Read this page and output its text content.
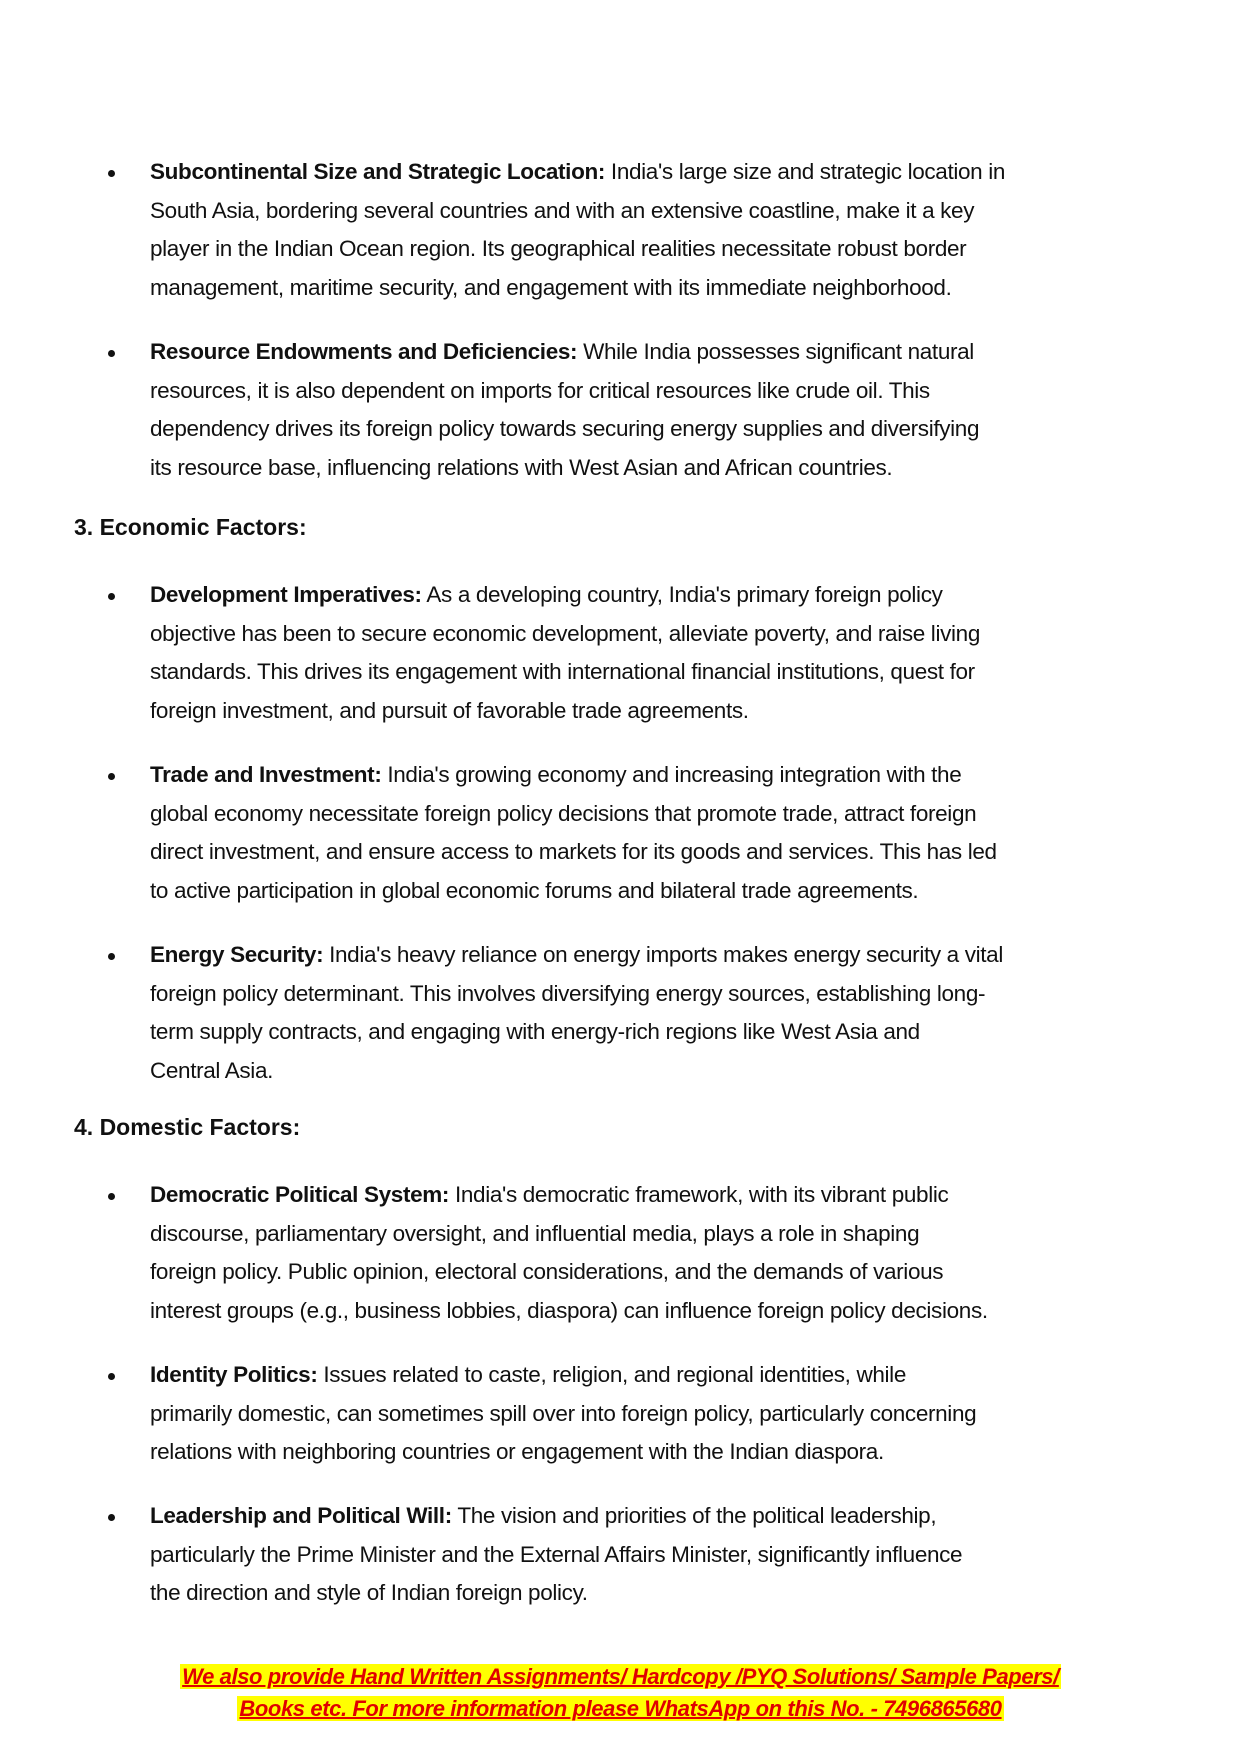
Subcontinental Size and Strategic Location: India's large size and strategic location in
South Asia, bordering several countries and with an extensive coastline, make it a key
player in the Indian Ocean region. Its geographical realities necessitate robust border
management, maritime security, and engagement with its immediate neighborhood.
Resource Endowments and Deficiencies: While India possesses significant natural
resources, it is also dependent on imports for critical resources like crude oil. This
dependency drives its foreign policy towards securing energy supplies and diversifying
its resource base, influencing relations with West Asian and African countries.
3. Economic Factors:
Development Imperatives: As a developing country, India's primary foreign policy
objective has been to secure economic development, alleviate poverty, and raise living
standards. This drives its engagement with international financial institutions, quest for
foreign investment, and pursuit of favorable trade agreements.
Trade and Investment: India's growing economy and increasing integration with the
global economy necessitate foreign policy decisions that promote trade, attract foreign
direct investment, and ensure access to markets for its goods and services. This has led
to active participation in global economic forums and bilateral trade agreements.
Energy Security: India's heavy reliance on energy imports makes energy security a vital
foreign policy determinant. This involves diversifying energy sources, establishing long-
term supply contracts, and engaging with energy-rich regions like West Asia and
Central Asia.
4. Domestic Factors:
Democratic Political System: India's democratic framework, with its vibrant public
discourse, parliamentary oversight, and influential media, plays a role in shaping
foreign policy. Public opinion, electoral considerations, and the demands of various
interest groups (e.g., business lobbies, diaspora) can influence foreign policy decisions.
Identity Politics: Issues related to caste, religion, and regional identities, while
primarily domestic, can sometimes spill over into foreign policy, particularly concerning
relations with neighboring countries or engagement with the Indian diaspora.
Leadership and Political Will: The vision and priorities of the political leadership,
particularly the Prime Minister and the External Affairs Minister, significantly influence
the direction and style of Indian foreign policy.
We also provide Hand Written Assignments/ Hardcopy /PYQ Solutions/ Sample Papers/
Books etc. For more information please WhatsApp on this No. - 7496865680
